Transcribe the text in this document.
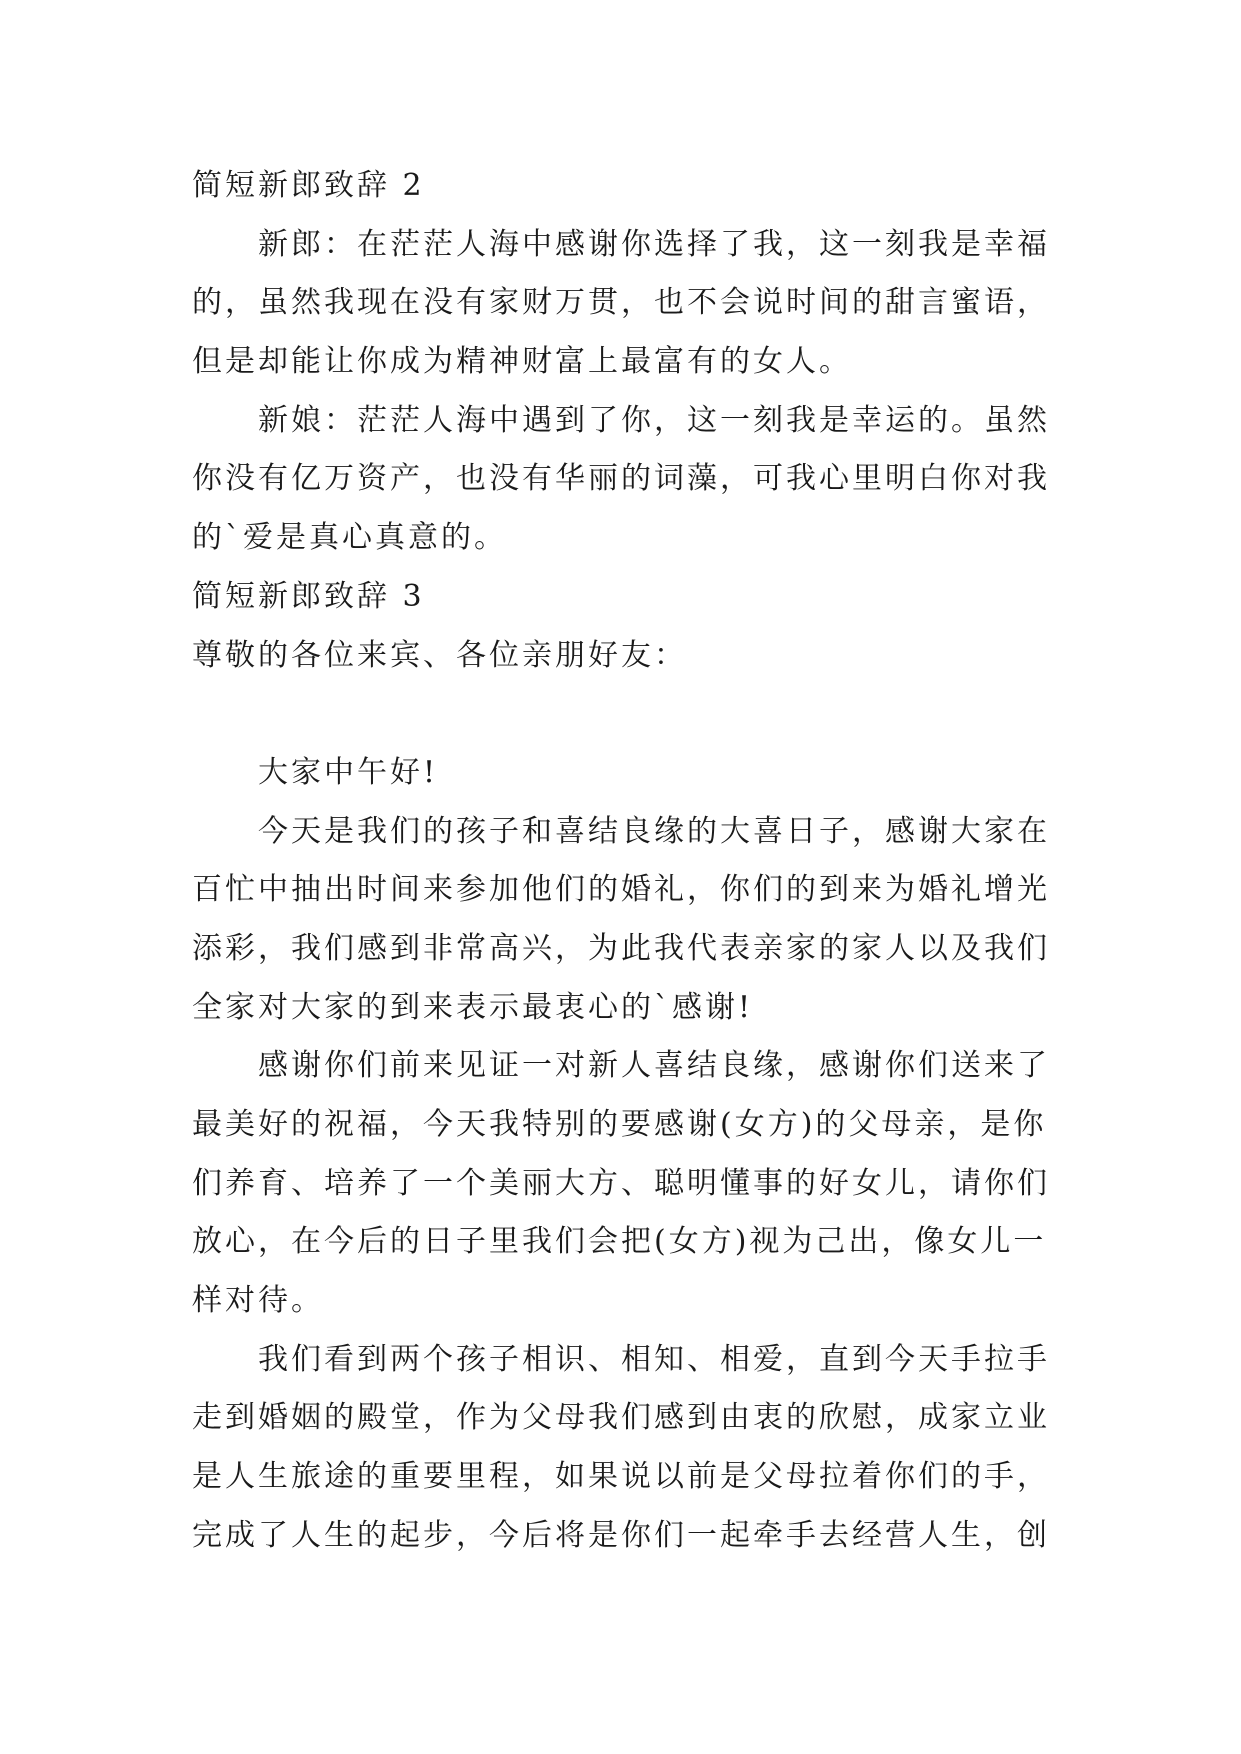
简短新郎致辞 2
新郎：在茫茫人海中感谢你选择了我，这一刻我是幸福
的，虽然我现在没有家财万贯，也不会说时间的甜言蜜语，
但是却能让你成为精神财富上最富有的女人。
新娘：茫茫人海中遇到了你，这一刻我是幸运的。虽然
你没有亿万资产，也没有华丽的词藻，可我心里明白你对我
的`爱是真心真意的。
简短新郎致辞 3
尊敬的各位来宾、各位亲朋好友：
大家中午好!
今天是我们的孩子和喜结良缘的大喜日子，感谢大家在
百忙中抽出时间来参加他们的婚礼，你们的到来为婚礼增光
添彩，我们感到非常高兴，为此我代表亲家的家人以及我们
全家对大家的到来表示最衷心的`感谢!
感谢你们前来见证一对新人喜结良缘，感谢你们送来了
最美好的祝福，今天我特别的要感谢(女方)的父母亲，是你
们养育、培养了一个美丽大方、聪明懂事的好女儿，请你们
放心，在今后的日子里我们会把(女方)视为己出，像女儿一
样对待。
我们看到两个孩子相识、相知、相爱，直到今天手拉手
走到婚姻的殿堂，作为父母我们感到由衷的欣慰，成家立业
是人生旅途的重要里程，如果说以前是父母拉着你们的手，
完成了人生的起步，今后将是你们一起牵手去经营人生，创
